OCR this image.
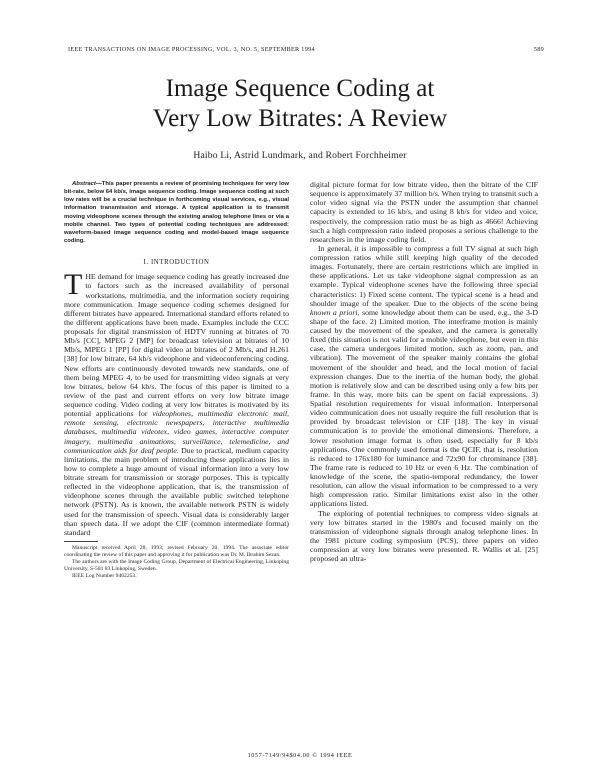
IEEE TRANSACTIONS ON IMAGE PROCESSING, VOL. 3, NO. 5, SEPTEMBER 1994	589
Image Sequence Coding at
Very Low Bitrates: A Review
Haibo Li, Astrid Lundmark, and Robert Forchheimer

Abstract—This paper presents a review of promising techniques for very low bit-rate, below 64 kb/s, image sequence coding. Image sequence coding at such low rates will be a crucial technique in forthcoming visual services, e.g., visual information transmission and storage. A typical application is to transmit moving videophone scenes through the existing analog telephone lines or via a mobile channel. Two types of potential coding techniques are addressed: waveform-based image sequence coding and model-based image sequence coding.

I. INTRODUCTION

THE demand for image sequence coding has greatly increased due to factors such as the increased availability of personal workstations, multimedia, and the information society requiring more communication. Image sequence coding schemes designed for different bitrates have appeared. International standard efforts related to the different applications have been made. Examples include the CCC proposals for digital transmission of HDTV running at bitrates of 70 Mb/s [CC], MPEG 2 [MP] for broadcast television at bitrates of 10 Mb/s, MPEG 1 [PP] for digital video at bitrates of 2 Mb/s, and H.261 [38] for low bitrate, 64 kb/s videophone and videoconferencing coding. New efforts are continuously devoted towards new standards, one of them being MPEG 4, to be used for transmitting video signals at very low bitrates, below 64 kb/s. The focus of this paper is limited to a review of the past and current efforts on very low bitrate image sequence coding. Video coding at very low bitrates is motivated by its potential applications for videophones, multimedia electronic mail, remote sensing, electronic newspapers, interactive multimedia databases, multimedia videotex, video games, interactive computer imagery, multimedia animations, surveillance, telemedicine, and communication aids for deaf people. Due to practical, medium capacity limitations, the main problem of introducing these applications lies in how to complete a huge amount of visual information into a very low bitrate stream for transmission or storage purposes. This is typically reflected in the videophone application, that is, the transmission of videophone scenes through the available public switched telephone network (PSTN). As is known, the available network PSTN is widely used for the transmission of speech. Visual data is considerably larger than speech data. If we adopt the CIF (common intermediate format) standard

Manuscript received April 28, 1993; revised February 20, 1994. The associate editor coordinating the review of this paper and approving it for publication was Dr. M. Ibrahim Sezan.

The authors are with the Image Coding Group, Department of Electrical Engineering, Linkoping University, S-581 83 Linkoping, Sweden.

IEEE Log Number 9402253.

digital picture format for low bitrate video, then the bitrate of the CIF sequence is approximately 37 million b/s. When trying to transmit such a color video signal via the PSTN under the assumption that channel capacity is extended to 16 kb/s, and using 8 kb/s for video and voice, respectively, the compression ratio must be as high as 4666! Achieving such a high compression ratio indeed proposes a serious challenge to the researchers in the image coding field.

In general, it is impossible to compress a full TV signal at such high compression ratios while still keeping high quality of the decoded images. Fortunately, there are certain restrictions which are implied in these applications. Let us take videophone signal compression as an example. Typical videophone scenes have the following three special characteristics: 1) Fixed scene content. The typical scene is a head and shoulder image of the speaker. Due to the objects of the scene being known a priori, some knowledge about them can be used, e.g., the 3-D shape of the face. 2) Limited motion. The interframe motion is mainly caused by the movement of the speaker, and the camera is generally fixed (this situation is not valid for a mobile videophone, but even in this case, the camera undergoes limited motion, such as zoom, pan, and vibration). The movement of the speaker mainly contains the global movement of the shoulder and head, and the local motion of facial expression changes. Due to the inertia of the human body, the global motion is relatively slow and can be described using only a few bits per frame. In this way, more bits can be spent on facial expressions. 3) Spatial resolution requirements for visual information. Interpersonal video communication does not usually require the full resolution that is provided by broadcast television or CIF [18]. The key in visual communication is to provide the emotional dimensions. Therefore, a lower resolution image format is often used, especially for 8 kb/s applications. One commonly used format is the QCIF, that is, resolution is reduced to 176x180 for luminance and 72x90 for chrominance [38]. The frame rate is reduced to 10 Hz or even 6 Hz. The combination of knowledge of the scene, the spatio-temporal redundancy, the lower resolution, can allow the visual information to be compressed to a very high compression ratio. Similar limitations exist also in the other applications listed.

The exploring of potential techniques to compress video signals at very low bitrates started in the 1980's and focused mainly on the transmission of videophone signals through analog telephone lines. In the 1981 picture coding symposium (PCS), three papers on video compression at very low bitrates were presented. R. Wallis et al. [25] proposed an ultra-

1057-7149/94$04.00 © 1994 IEEE
